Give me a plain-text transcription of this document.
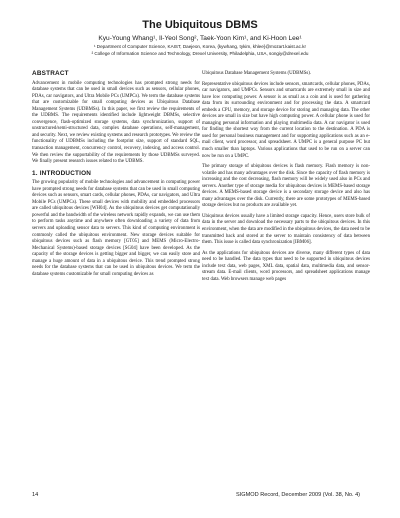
The Ubiquitous DBMS
Kyu-Young Whang¹, Il-Yeol Song², Taek-Yoon Kim¹, and Ki-Hoon Lee¹
¹ Department of Computer Science, KAIST, Daejeon, Korea, {kywhang, tykim, khlee}@mozart.kaist.ac.kr
² College of Information Science and Technology, Drexel University, Philadelphia, USA, songiy@drexel.edu
ABSTRACT

Advancement in mobile computing technologies has prompted strong needs for database systems that can be used in small devices such as sensors, cellular phones, PDAs, car navigators, and Ultra Mobile PCs (UMPCs). We term the database systems that are customizable for small computing devices as Ubiquitous Database Management Systems (UDBMSs). In this paper, we first review the requirements of the UDBMS. The requirements identified include lightweight DBMSs, selective convergence, flash-optimized storage systems, data synchronization, support of unstructured/semi-structured data, complex database operations, self-management, and security. Next, we review existing systems and research prototypes. We review the functionality of UDBMSs including the footprint size, support of standard SQL, transaction management, concurrency control, recovery, indexing, and access control. We then review the supportability of the requirements by those UDBMSs surveyed. We finally present research issues related to the UDBMS.

1. INTRODUCTION

The growing popularity of mobile technologies and advancement in computing power have prompted strong needs for database systems that can be used in small computing devices such as sensors, smart cards, cellular phones, PDAs, car navigators, and Ultra Mobile PCs (UMPCs). These small devices with mobility and embedded processors are called ubiquitous devices [WH04]. As the ubiquitous devices get computationally powerful and the bandwidth of the wireless network rapidly expands, we can use them to perform tasks anytime and anywhere often downloading a variety of data from servers and uploading sensor data to servers. This kind of computing environment is commonly called the ubiquitous environment. New storage devices suitable for ubiquitous devices such as flash memory [GT05] and MEMS (Micro-Electro-Mechanical Systems)-based storage devices [SG04] have been developed. As the capacity of the storage devices is getting bigger and bigger, we can easily store and manage a huge amount of data in a ubiquitous device. This trend prompted strong needs for the database systems that can be used in ubiquitous devices. We term the database systems customizable for small computing devices as

Ubiquitous Database Management Systems (UDBMSs).

Representative ubiquitous devices include sensors, smartcards, cellular phones, PDAs, car navigators, and UMPCs. Sensors and smartcards are extremely small in size and have low computing power. A sensor is as small as a coin and is used for gathering data from its surrounding environment and for processing the data. A smartcard embeds a CPU, memory, and storage device for storing and managing data. The other devices are small in size but have high computing power. A cellular phone is used for managing personal information and playing multimedia data. A car navigator is used for finding the shortest way from the current location to the destination. A PDA is used for personal business management and for supporting applications such as an e-mail client, word processor, and spreadsheet. A UMPC is a general purpose PC but much smaller than laptops. Various applications that used to be run on a server can now be run on a UMPC.

The primary storage of ubiquitous devices is flash memory. Flash memory is non-volatile and has many advantages over the disk. Since the capacity of flash memory is increasing and the cost decreasing, flash memory will be widely used also in PCs and servers. Another type of storage media for ubiquitous devices is MEMS-based storage devices. A MEMS-based storage device is a secondary storage device and also has many advantages over the disk. Currently, there are some prototypes of MEMS-based storage devices but no products are available yet.

Ubiquitous devices usually have a limited storage capacity. Hence, users store bulk of data in the server and download the necessary parts to the ubiquitous devices. In this environment, when the data are modified in the ubiquitous devices, the data need to be transmitted back and stored at the server to maintain consistency of data between them. This issue is called data synchronization [IBM06].

As the applications for ubiquitous devices are diverse, many different types of data need to be handled. The data types that need to be supported in ubiquitous devices include text data, web pages, XML data, spatial data, multimedia data, and sensor-stream data. E-mail clients, word processors, and spreadsheet applications manage text data. Web browsers manage web pages

14	SIGMOD Record, December 2009 (Vol. 38, No. 4)
